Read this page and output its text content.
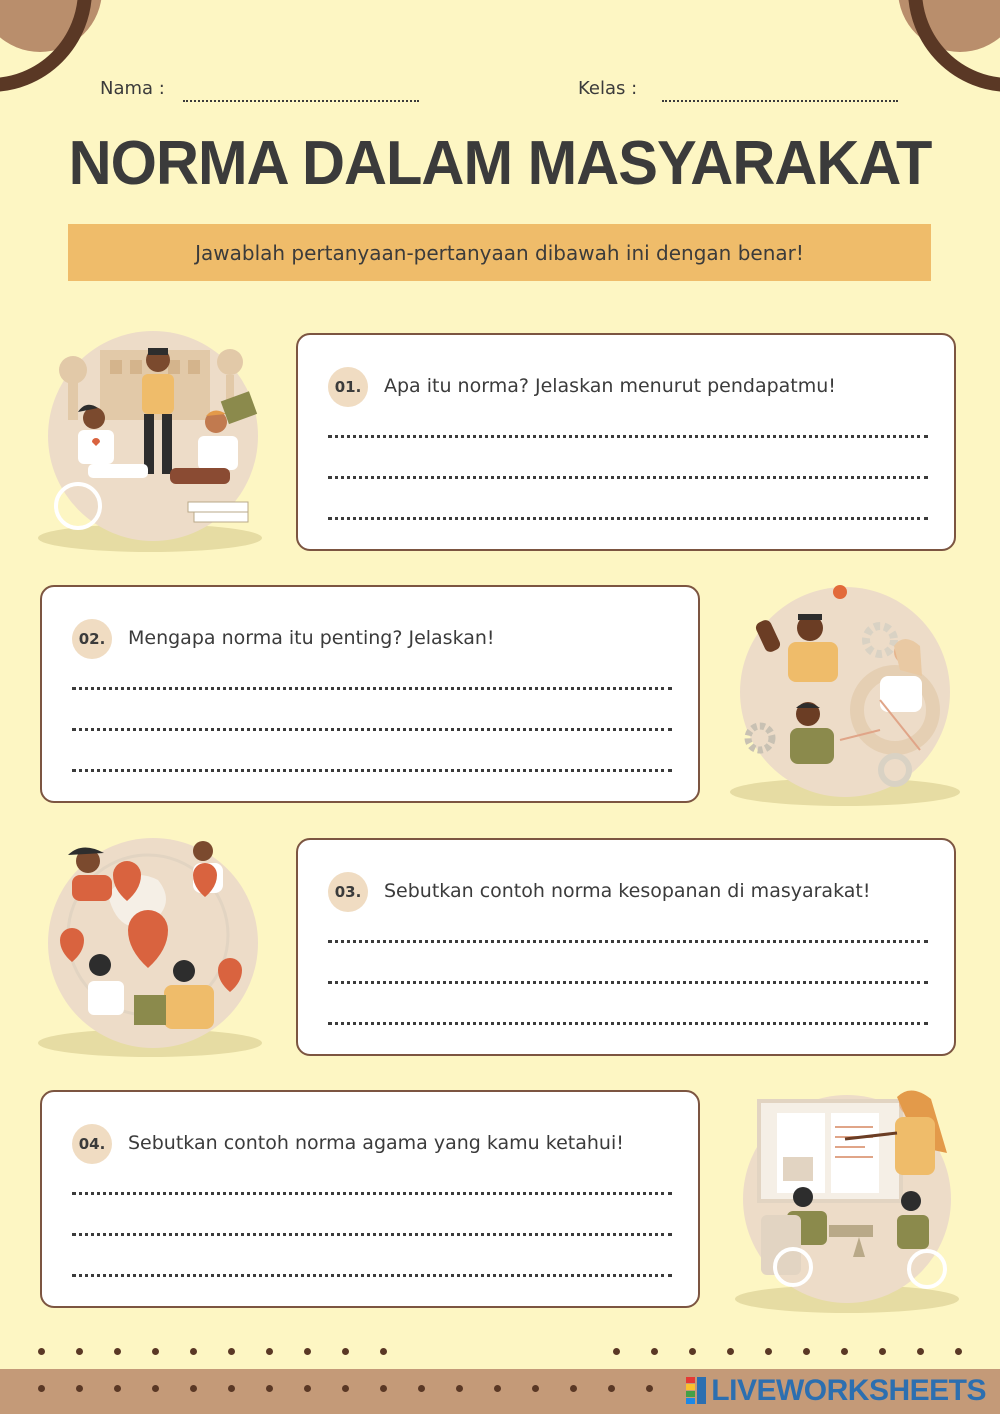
Nama :	Kelas :
NORMA DALAM MASYARAKAT
Jawablah pertanyaan-pertanyaan dibawah ini dengan benar!
01.	Apa itu norma? Jelaskan menurut pendapatmu!
02.	Mengapa norma itu penting? Jelaskan!
03.	Sebutkan contoh norma kesopanan di masyarakat!
04.	Sebutkan contoh norma agama yang kamu ketahui!
LIVEWORKSHEETS
